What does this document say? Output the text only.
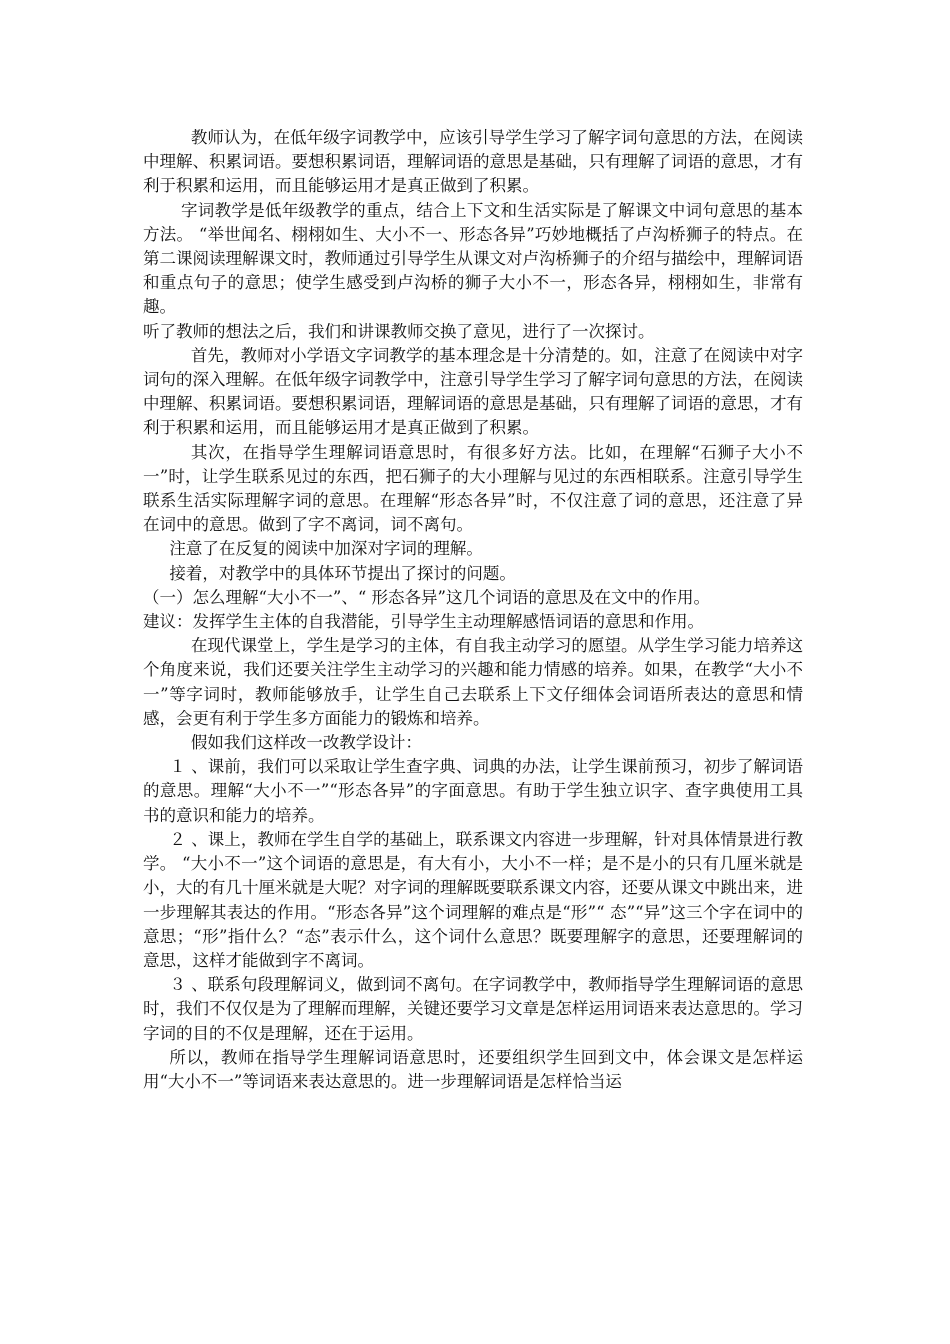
教师认为，在低年级字词教学中，应该引导学生学习了解字词句意思的方法，在阅读中理解、积累词语。要想积累词语，理解词语的意思是基础，只有理解了词语的意思，才有利于积累和运用，而且能够运用才是真正做到了积累。

字词教学是低年级教学的重点，结合上下文和生活实际是了解课文中词句意思的基本方法。 “举世闻名、栩栩如生、大小不一、形态各异”巧妙地概括了卢沟桥狮子的特点。在第二课阅读理解课文时，教师通过引导学生从课文对卢沟桥狮子的介绍与描绘中，理解词语和重点句子的意思；使学生感受到卢沟桥的狮子大小不一，形态各异，栩栩如生，非常有趣。

听了教师的想法之后，我们和讲课教师交换了意见，进行了一次探讨。

首先，教师对小学语文字词教学的基本理念是十分清楚的。如，注意了在阅读中对字词句的深入理解。在低年级字词教学中，注意引导学生学习了解字词句意思的方法，在阅读中理解、积累词语。要想积累词语，理解词语的意思是基础，只有理解了词语的意思，才有利于积累和运用，而且能够运用才是真正做到了积累。

其次，在指导学生理解词语意思时，有很多好方法。比如，在理解“石狮子大小不一”时，让学生联系见过的东西，把石狮子的大小理解与见过的东西相联系。注意引导学生联系生活实际理解字词的意思。在理解“形态各异”时，不仅注意了词的意思，还注意了异在词中的意思。做到了字不离词，词不离句。

注意了在反复的阅读中加深对字词的理解。

接着，对教学中的具体环节提出了探讨的问题。

（一）怎么理解“大小不一”、“ 形态各异”这几个词语的意思及在文中的作用。

建议：发挥学生主体的自我潜能，引导学生主动理解感悟词语的意思和作用。

在现代课堂上，学生是学习的主体，有自我主动学习的愿望。从学生学习能力培养这个角度来说，我们还要关注学生主动学习的兴趣和能力情感的培养。如果，在教学“大小不一”等字词时，教师能够放手，让学生自己去联系上下文仔细体会词语所表达的意思和情感，会更有利于学生多方面能力的锻炼和培养。

假如我们这样改一改教学设计：

１ 、课前，我们可以采取让学生查字典、词典的办法，让学生课前预习，初步了解词语的意思。理解“大小不一”“形态各异”的字面意思。有助于学生独立识字、查字典使用工具书的意识和能力的培养。

２ 、课上，教师在学生自学的基础上，联系课文内容进一步理解，针对具体情景进行教学。 “大小不一”这个词语的意思是，有大有小，大小不一样；是不是小的只有几厘米就是小，大的有几十厘米就是大呢？对字词的理解既要联系课文内容，还要从课文中跳出来，进一步理解其表达的作用。“形态各异”这个词理解的难点是“形”“ 态”“异”这三个字在词中的意思；“形”指什么？“态”表示什么，这个词什么意思？既要理解字的意思，还要理解词的意思，这样才能做到字不离词。

３ 、联系句段理解词义，做到词不离句。在字词教学中，教师指导学生理解词语的意思时，我们不仅仅是为了理解而理解，关键还要学习文章是怎样运用词语来表达意思的。学习字词的目的不仅是理解，还在于运用。

所以，教师在指导学生理解词语意思时，还要组织学生回到文中，体会课文是怎样运用“大小不一”等词语来表达意思的。进一步理解词语是怎样恰当运
